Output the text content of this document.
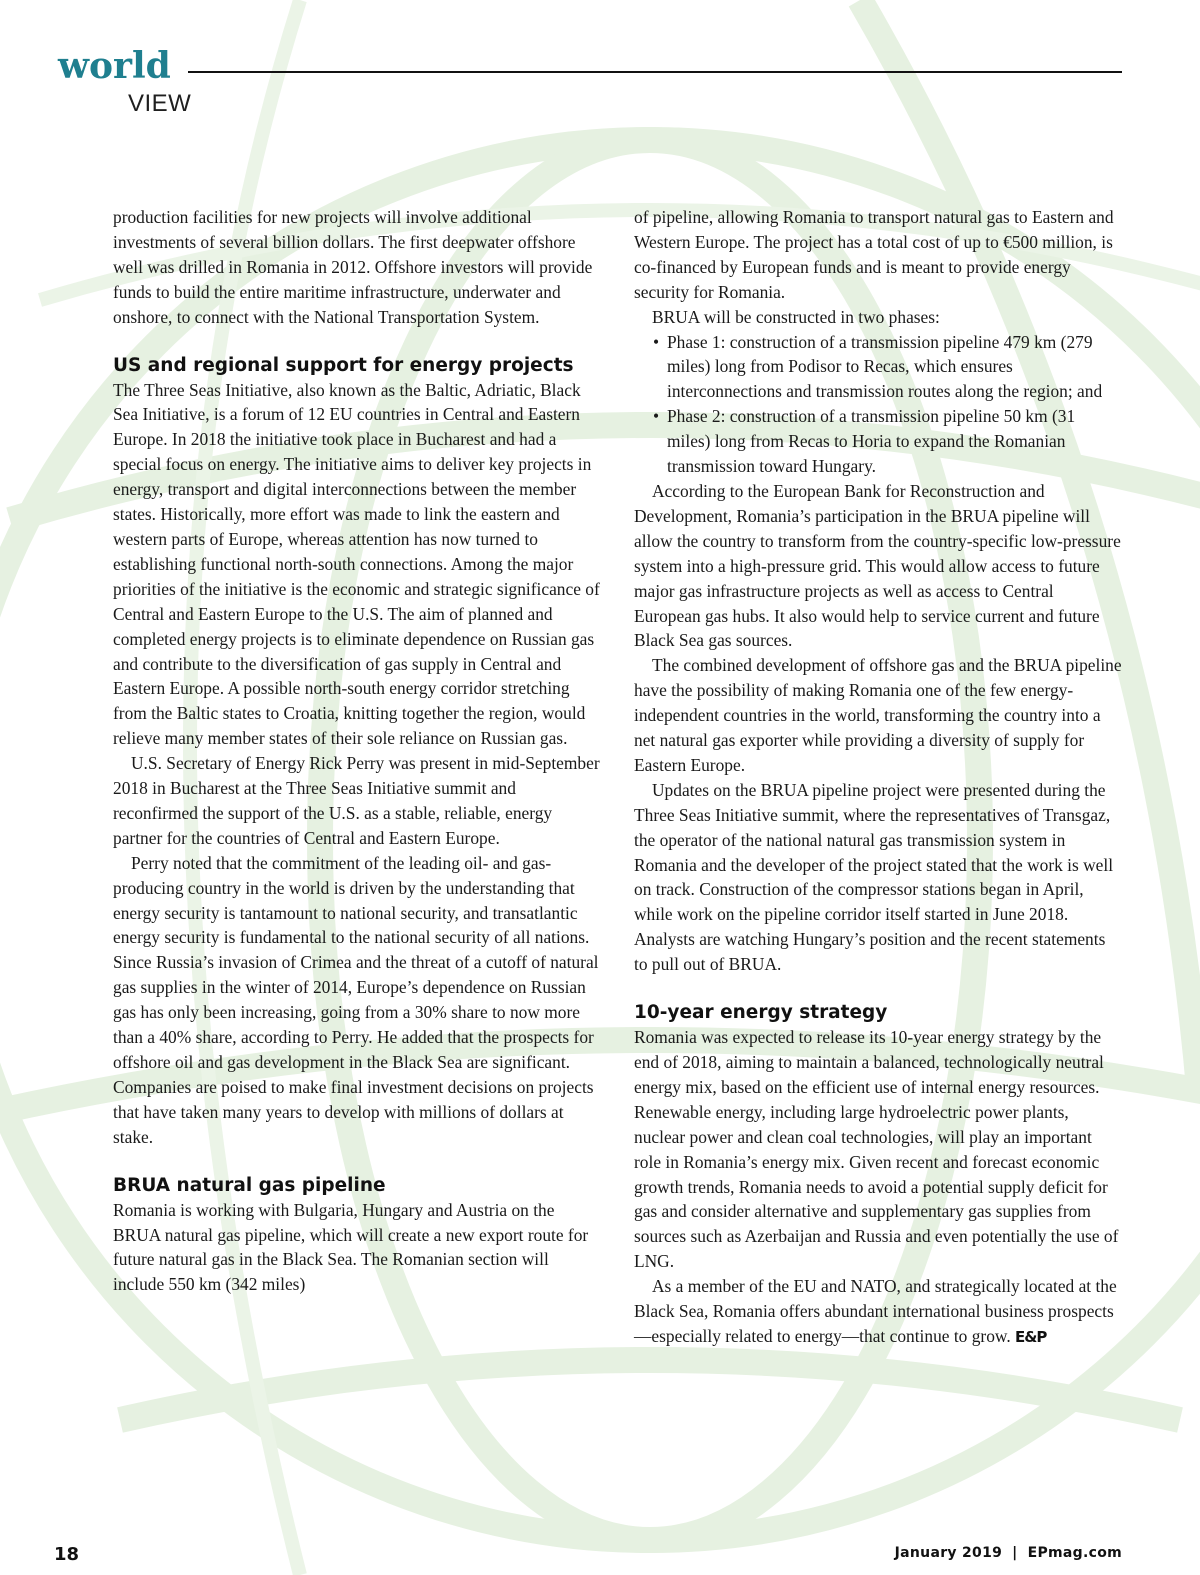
world
VIEW

production facilities for new projects will involve additional investments of several billion dollars. The first deepwater offshore well was drilled in Romania in 2012. Offshore investors will provide funds to build the entire maritime infrastructure, underwater and onshore, to connect with the National Transportation System.

US and regional support for energy projects

The Three Seas Initiative, also known as the Baltic, Adriatic, Black Sea Initiative, is a forum of 12 EU countries in Central and Eastern Europe. In 2018 the initiative took place in Bucharest and had a special focus on energy. The initiative aims to deliver key projects in energy, transport and digital interconnections between the member states. Historically, more effort was made to link the eastern and western parts of Europe, whereas attention has now turned to establishing functional north-south connections. Among the major priorities of the initiative is the economic and strategic significance of Central and Eastern Europe to the U.S. The aim of planned and completed energy projects is to eliminate dependence on Russian gas and contribute to the diversification of gas supply in Central and Eastern Europe. A possible north-south energy corridor stretching from the Baltic states to Croatia, knitting together the region, would relieve many member states of their sole reliance on Russian gas.

U.S. Secretary of Energy Rick Perry was present in mid-September 2018 in Bucharest at the Three Seas Initiative summit and reconfirmed the support of the U.S. as a stable, reliable, energy partner for the countries of Central and Eastern Europe.

Perry noted that the commitment of the leading oil- and gas-producing country in the world is driven by the understanding that energy security is tantamount to national security, and transatlantic energy security is fundamental to the national security of all nations. Since Russia’s invasion of Crimea and the threat of a cutoff of natural gas supplies in the winter of 2014, Europe’s dependence on Russian gas has only been increasing, going from a 30% share to now more than a 40% share, according to Perry. He added that the prospects for offshore oil and gas development in the Black Sea are significant. Companies are poised to make final investment decisions on projects that have taken many years to develop with millions of dollars at stake.

BRUA natural gas pipeline

Romania is working with Bulgaria, Hungary and Austria on the BRUA natural gas pipeline, which will create a new export route for future natural gas in the Black Sea. The Romanian section will include 550 km (342 miles)

of pipeline, allowing Romania to transport natural gas to Eastern and Western Europe. The project has a total cost of up to €500 million, is co-financed by European funds and is meant to provide energy security for Romania.

BRUA will be constructed in two phases:

• Phase 1: construction of a transmission pipeline 479 km (279 miles) long from Podisor to Recas, which ensures interconnections and transmission routes along the region; and
• Phase 2: construction of a transmission pipeline 50 km (31 miles) long from Recas to Horia to expand the Romanian transmission toward Hungary.

According to the European Bank for Reconstruction and Development, Romania’s participation in the BRUA pipeline will allow the country to transform from the country-specific low-pressure system into a high-pressure grid. This would allow access to future major gas infrastructure projects as well as access to Central European gas hubs. It also would help to service current and future Black Sea gas sources.

The combined development of offshore gas and the BRUA pipeline have the possibility of making Romania one of the few energy-independent countries in the world, transforming the country into a net natural gas exporter while providing a diversity of supply for Eastern Europe.

Updates on the BRUA pipeline project were presented during the Three Seas Initiative summit, where the representatives of Transgaz, the operator of the national natural gas transmission system in Romania and the developer of the project stated that the work is well on track. Construction of the compressor stations began in April, while work on the pipeline corridor itself started in June 2018. Analysts are watching Hungary’s position and the recent statements to pull out of BRUA.

10-year energy strategy

Romania was expected to release its 10-year energy strategy by the end of 2018, aiming to maintain a balanced, technologically neutral energy mix, based on the efficient use of internal energy resources. Renewable energy, including large hydroelectric power plants, nuclear power and clean coal technologies, will play an important role in Romania’s energy mix. Given recent and forecast economic growth trends, Romania needs to avoid a potential supply deficit for gas and consider alternative and supplementary gas supplies from sources such as Azerbaijan and Russia and even potentially the use of LNG.

As a member of the EU and NATO, and strategically located at the Black Sea, Romania offers abundant international business prospects—especially related to energy—that continue to grow. E&P

18	January 2019 | EPmag.com
